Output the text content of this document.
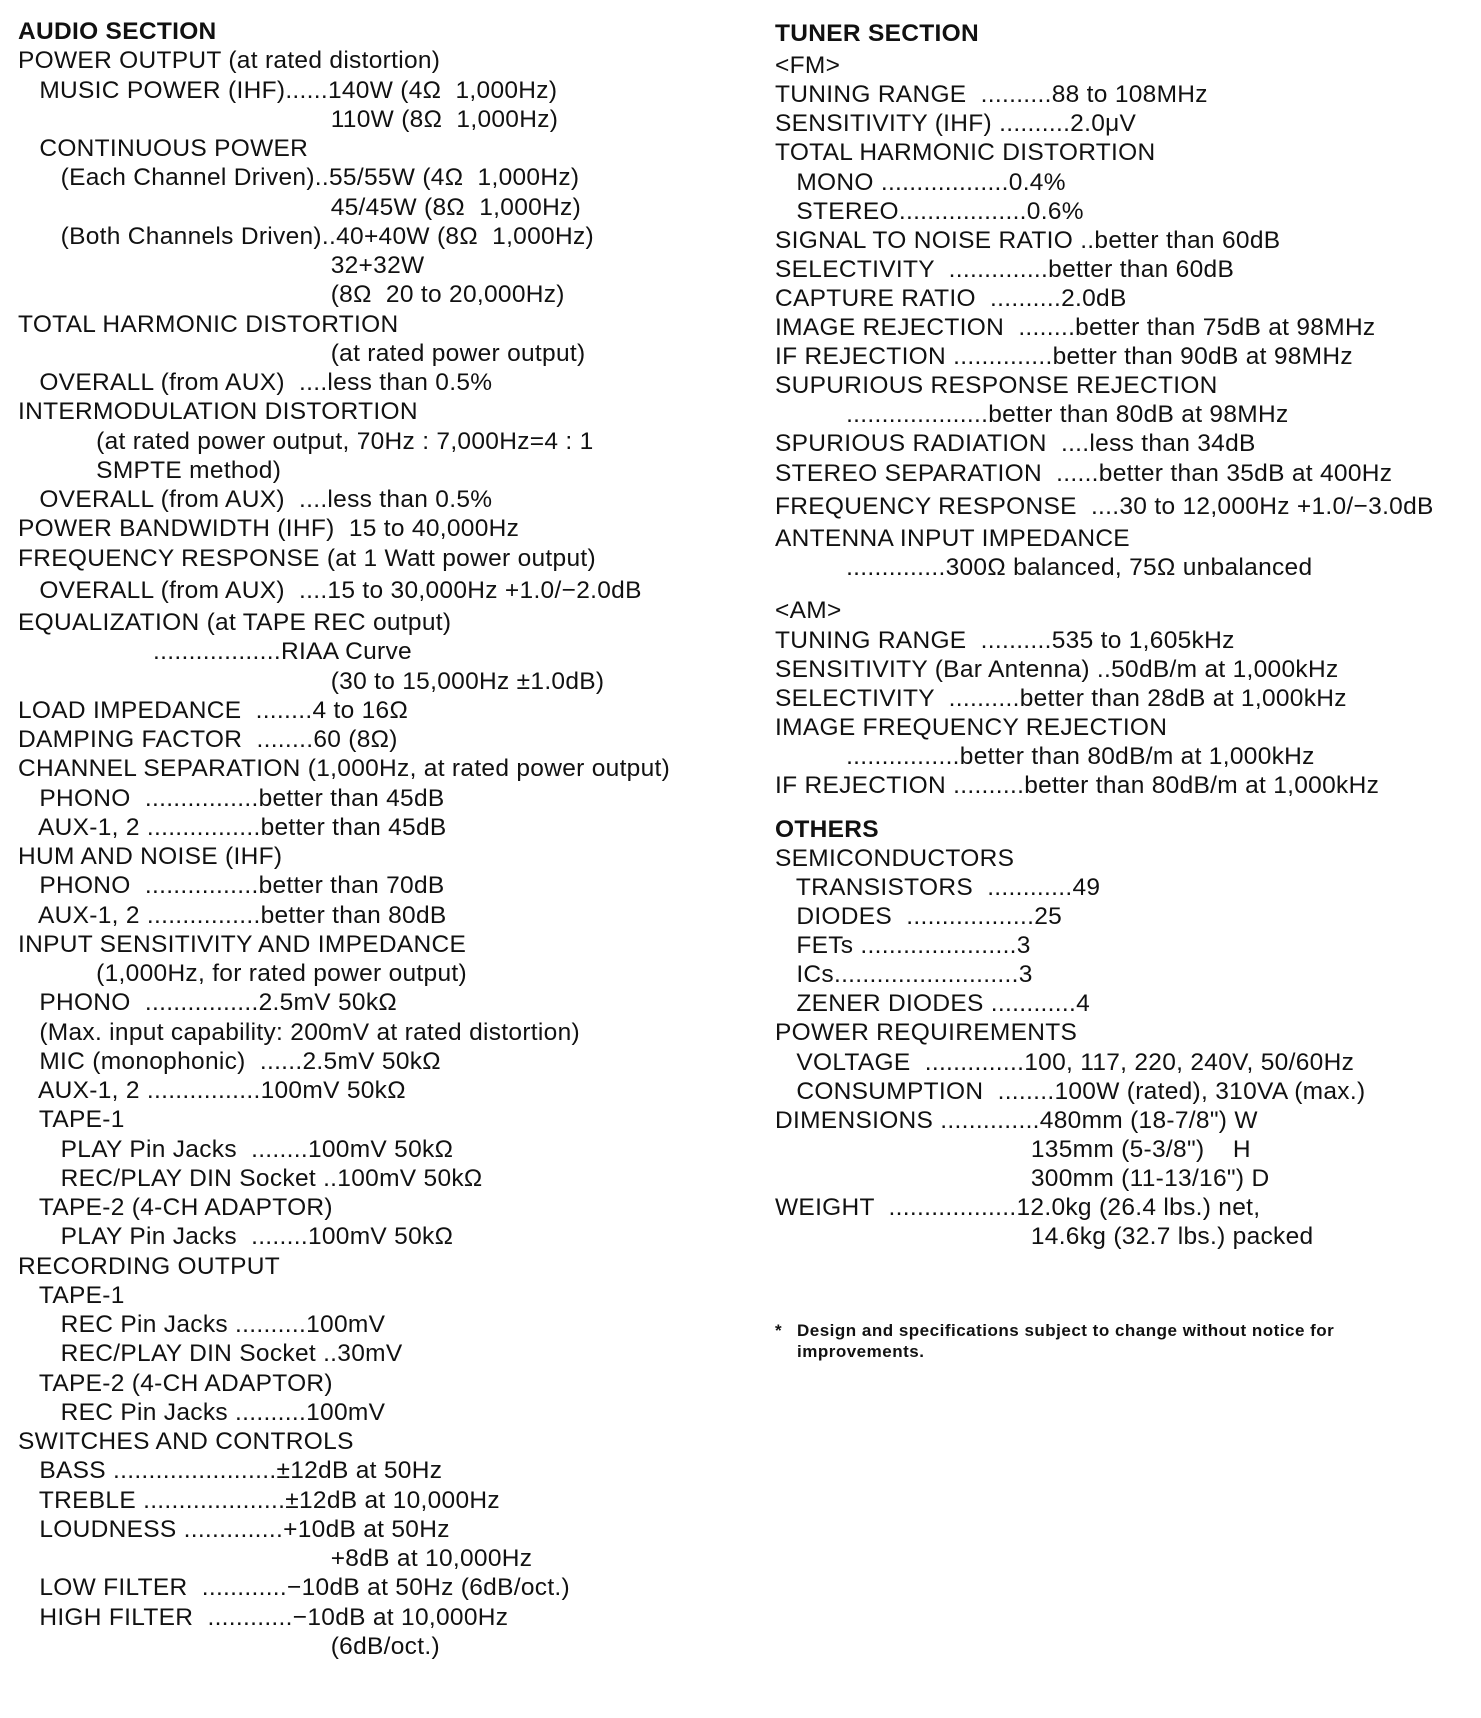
AUDIO SECTION
POWER OUTPUT (at rated distortion)
MUSIC POWER (IHF)......140W (4Ω  1,000Hz)
110W (8Ω  1,000Hz)
CONTINUOUS POWER
(Each Channel Driven)..55/55W (4Ω  1,000Hz)
45/45W (8Ω  1,000Hz)
(Both Channels Driven)..40+40W (8Ω  1,000Hz)
32+32W
(8Ω  20 to 20,000Hz)
TOTAL HARMONIC DISTORTION
(at rated power output)
OVERALL (from AUX)  ....less than 0.5%
INTERMODULATION DISTORTION
(at rated power output, 70Hz : 7,000Hz=4 : 1
SMPTE method)
OVERALL (from AUX)  ....less than 0.5%
POWER BANDWIDTH (IHF)  15 to 40,000Hz
FREQUENCY RESPONSE (at 1 Watt power output)
OVERALL (from AUX)  ....15 to 30,000Hz +1.0/−2.0dB
EQUALIZATION (at TAPE REC output)
..................RIAA Curve
(30 to 15,000Hz ±1.0dB)
LOAD IMPEDANCE  ........4 to 16Ω
DAMPING FACTOR  ........60 (8Ω)
CHANNEL SEPARATION (1,000Hz, at rated power output)
PHONO  ................better than 45dB
AUX-1, 2 ................better than 45dB
HUM AND NOISE (IHF)
PHONO  ................better than 70dB
AUX-1, 2 ................better than 80dB
INPUT SENSITIVITY AND IMPEDANCE
(1,000Hz, for rated power output)
PHONO  ................2.5mV 50kΩ
(Max. input capability: 200mV at rated distortion)
MIC (monophonic)  ......2.5mV 50kΩ
AUX-1, 2 ................100mV 50kΩ
TAPE-1
PLAY Pin Jacks  ........100mV 50kΩ
REC/PLAY DIN Socket ..100mV 50kΩ
TAPE-2 (4-CH ADAPTOR)
PLAY Pin Jacks  ........100mV 50kΩ
RECORDING OUTPUT
TAPE-1
REC Pin Jacks ..........100mV
REC/PLAY DIN Socket ..30mV
TAPE-2 (4-CH ADAPTOR)
REC Pin Jacks ..........100mV
SWITCHES AND CONTROLS
BASS .......................±12dB at 50Hz
TREBLE ....................±12dB at 10,000Hz
LOUDNESS ..............+10dB at 50Hz
+8dB at 10,000Hz
LOW FILTER  ............−10dB at 50Hz (6dB/oct.)
HIGH FILTER  ............−10dB at 10,000Hz
(6dB/oct.)
* Design and specifications subject to change without notice for improvements.
TUNER SECTION
<FM>
TUNING RANGE  ..........88 to 108MHz
SENSITIVITY (IHF) ..........2.0μV
TOTAL HARMONIC DISTORTION
MONO ..................0.4%
STEREO..................0.6%
SIGNAL TO NOISE RATIO ..better than 60dB
SELECTIVITY  ..............better than 60dB
CAPTURE RATIO  ..........2.0dB
IMAGE REJECTION  ........better than 75dB at 98MHz
IF REJECTION ..............better than 90dB at 98MHz
SUPURIOUS RESPONSE REJECTION
....................better than 80dB at 98MHz
SPURIOUS RADIATION  ....less than 34dB
STEREO SEPARATION  ......better than 35dB at 400Hz
FREQUENCY RESPONSE  ....30 to 12,000Hz +1.0/−3.0dB
ANTENNA INPUT IMPEDANCE
..............300Ω balanced, 75Ω unbalanced
<AM>
TUNING RANGE  ..........535 to 1,605kHz
SENSITIVITY (Bar Antenna) ..50dB/m at 1,000kHz
SELECTIVITY  ..........better than 28dB at 1,000kHz
IMAGE FREQUENCY REJECTION
................better than 80dB/m at 1,000kHz
IF REJECTION ..........better than 80dB/m at 1,000kHz
OTHERS
SEMICONDUCTORS
TRANSISTORS  ............49
DIODES  ..................25
FETs ......................3
ICs..........................3
ZENER DIODES ............4
POWER REQUIREMENTS
VOLTAGE  ..............100, 117, 220, 240V, 50/60Hz
CONSUMPTION  ........100W (rated), 310VA (max.)
DIMENSIONS ..............480mm (18-7/8") W
135mm (5-3/8")    H
300mm (11-13/16") D
WEIGHT  ..................12.0kg (26.4 lbs.) net,
14.6kg (32.7 lbs.) packed
